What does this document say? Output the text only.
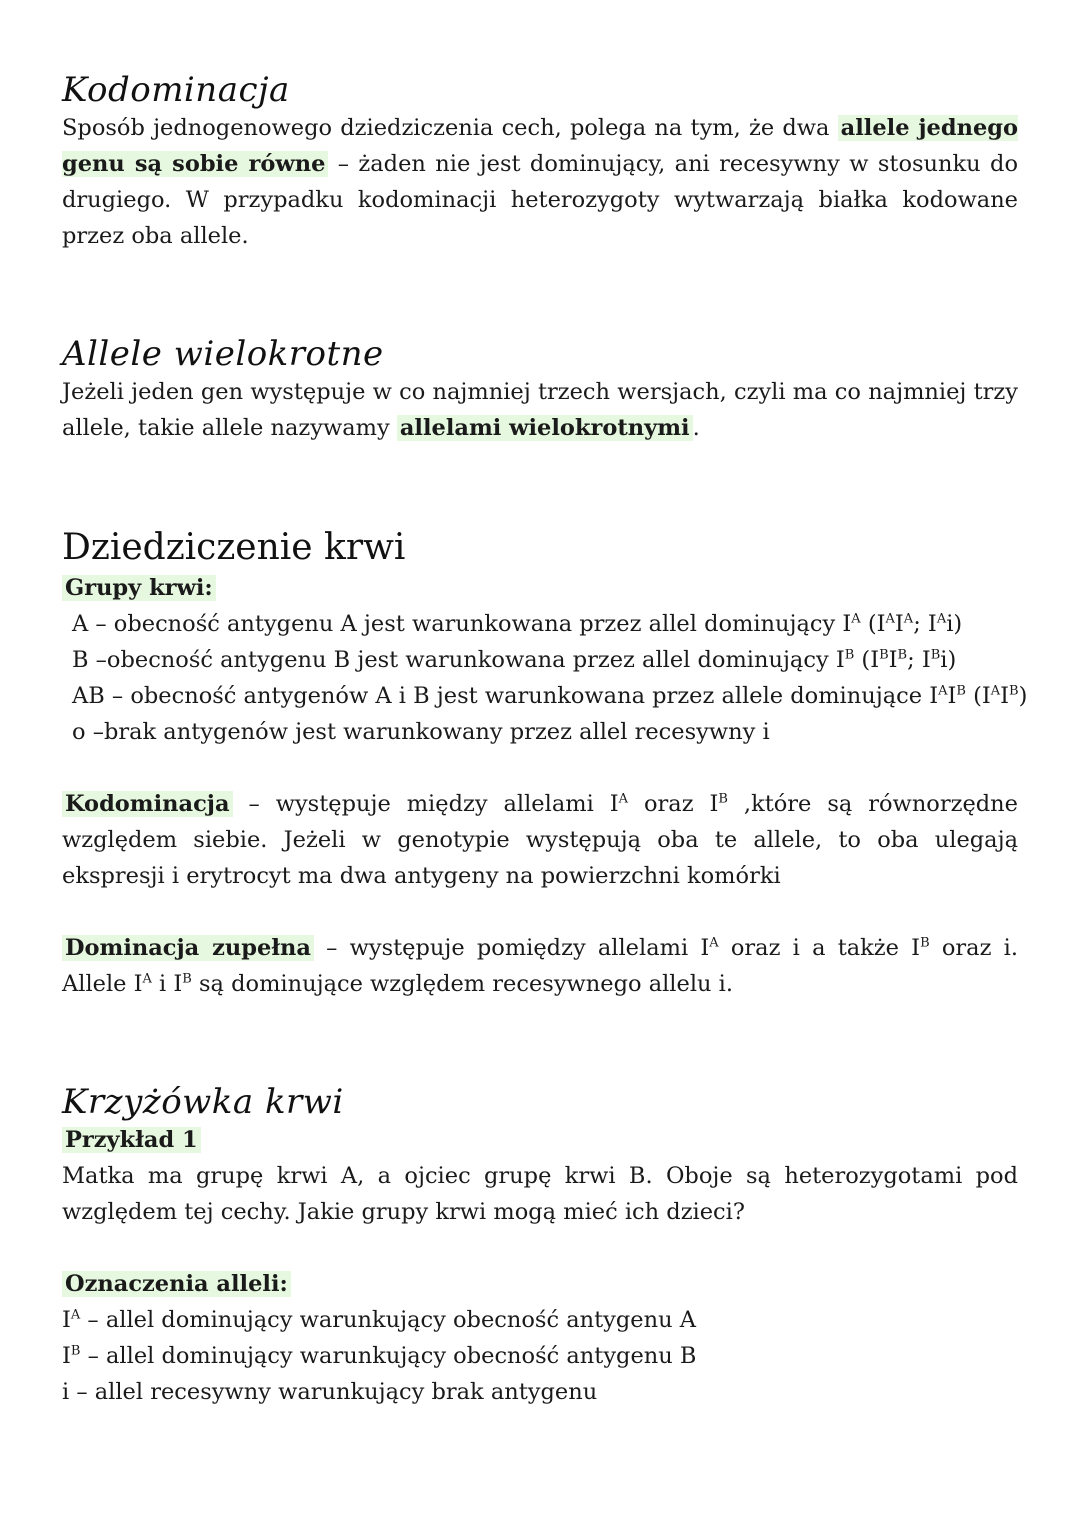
Kodominacja

Sposób jednogenowego dziedziczenia cech, polega na tym, że dwa allele jednego genu są sobie równe – żaden nie jest dominujący, ani recesywny w stosunku do drugiego. W przypadku kodominacji heterozygoty wytwarzają białka kodowane przez oba allele.

Allele wielokrotne

Jeżeli jeden gen występuje w co najmniej trzech wersjach, czyli ma co najmniej trzy allele, takie allele nazywamy allelami wielokrotnymi .

Dziedziczenie krwi
Grupy krwi:
A – obecność antygenu A jest warunkowana przez allel dominujący $I^A$ ($I^AI^A$; $I^Ai$)
B –obecność antygenu B jest warunkowana przez allel dominujący $I^B$ ($I^BI^B$; $I^Bi$)
AB – obecność antygenów A i B jest warunkowana przez allele dominujące $I^AI^B$ $(I^AI^B)$
o –brak antygenów jest warunkowany przez allel recesywny i

Kodominacja – występuje między allelami $I^A$ oraz $I^B$ ,które są równorzędne względem siebie. Jeżeli w genotypie występują oba te allele, to oba ulegają ekspresji i erytrocyt ma dwa antygeny na powierzchni komórki

Dominacja zupełna – występuje pomiędzy allelami $I^A$ oraz i a także $I^B$ oraz i. Allele $I^A$ i $I^B$ są dominujące względem recesywnego allelu i.

Krzyżówka krwi
Przykład 1

Matka ma grupę krwi A, a ojciec grupę krwi B. Oboje są heterozygotami pod względem tej cechy. Jakie grupy krwi mogą mieć ich dzieci?

Oznaczenia alleli:
$I^A$ – allel dominujący warunkujący obecność antygenu A
$I^B$ – allel dominujący warunkujący obecność antygenu B
i – allel recesywny warunkujący brak antygenu
